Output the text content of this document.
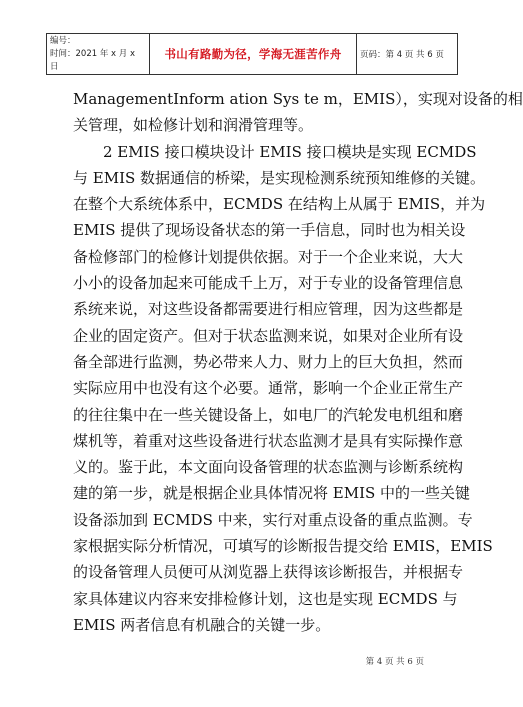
编号：
时间：2021 年 x 月 x 日
	书山有路勤为径，学海无涯苦作舟	页码：第 4 页 共 6 页

ManagementInform ation Sys te m，EMIS），实现对设备的相
关管理，如检修计划和润滑管理等。

　　2 EMIS 接口模块设计 EMIS 接口模块是实现 ECMDS
与 EMIS 数据通信的桥梁，是实现检测系统预知维修的关键。
在整个大系统体系中，ECMDS 在结构上从属于 EMIS，并为
EMIS 提供了现场设备状态的第一手信息，同时也为相关设
备检修部门的检修计划提供依据。对于一个企业来说，大大
小小的设备加起来可能成千上万，对于专业的设备管理信息
系统来说，对这些设备都需要进行相应管理，因为这些都是
企业的固定资产。但对于状态监测来说，如果对企业所有设
备全部进行监测，势必带来人力、财力上的巨大负担，然而
实际应用中也没有这个必要。通常，影响一个企业正常生产
的往往集中在一些关键设备上，如电厂的汽轮发电机组和磨
煤机等，着重对这些设备进行状态监测才是具有实际操作意
义的。鉴于此，本文面向设备管理的状态监测与诊断系统构
建的第一步，就是根据企业具体情况将 EMIS 中的一些关键
设备添加到 ECMDS 中来，实行对重点设备的重点监测。专
家根据实际分析情况，可填写的诊断报告提交给 EMIS，EMIS
的设备管理人员便可从浏览器上获得该诊断报告，并根据专
家具体建议内容来安排检修计划，这也是实现 ECMDS 与
EMIS 两者信息有机融合的关键一步。

第 4 页 共 6 页
